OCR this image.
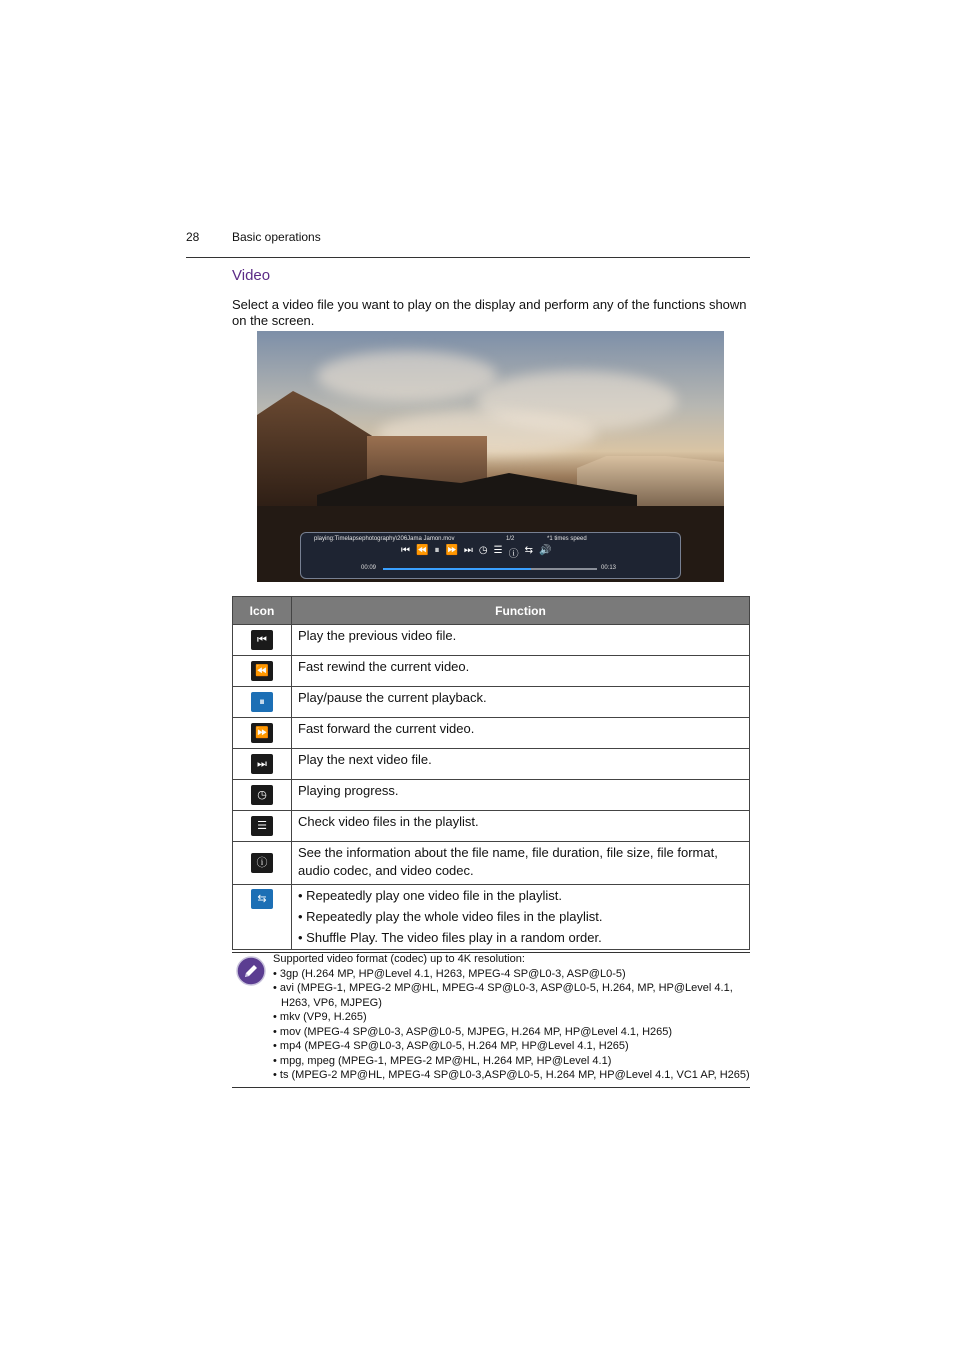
28	Basic operations
Video
Select a video file you want to play on the display and perform any of the functions shown on the screen.
playing:Timelapsephotography\206Jama Jamon.mov	1/2	*1 times speed
⏮ ⏪ ⏸ ⏩ ⏭ ◷ ☰ ⓘ ⇆ 🔊
00:09	00:13
Icon	Function
⏮	Play the previous video file.
⏪	Fast rewind the current video.
⏸	Play/pause the current playback.
⏩	Fast forward the current video.
⏭	Play the next video file.
◷	Playing progress.
☰	Check video files in the playlist.
ⓘ	See the information about the file name, file duration, file size, file format, audio codec, and video codec.
⇆	• Repeatedly play one video file in the playlist.
• Repeatedly play the whole video files in the playlist.
• Shuffle Play. The video files play in a random order.
Supported video format (codec) up to 4K resolution:
• 3gp (H.264 MP, HP@Level 4.1, H263, MPEG-4 SP@L0-3, ASP@L0-5)
• avi (MPEG-1, MPEG-2 MP@HL, MPEG-4 SP@L0-3, ASP@L0-5, H.264, MP, HP@Level 4.1, H263, VP6, MJPEG)
• mkv (VP9, H.265)
• mov (MPEG-4 SP@L0-3, ASP@L0-5, MJPEG, H.264 MP, HP@Level 4.1, H265)
• mp4 (MPEG-4 SP@L0-3, ASP@L0-5, H.264 MP, HP@Level 4.1, H265)
• mpg, mpeg (MPEG-1, MPEG-2 MP@HL, H.264 MP, HP@Level 4.1)
• ts (MPEG-2 MP@HL, MPEG-4 SP@L0-3,ASP@L0-5, H.264 MP, HP@Level 4.1, VC1 AP, H265)
